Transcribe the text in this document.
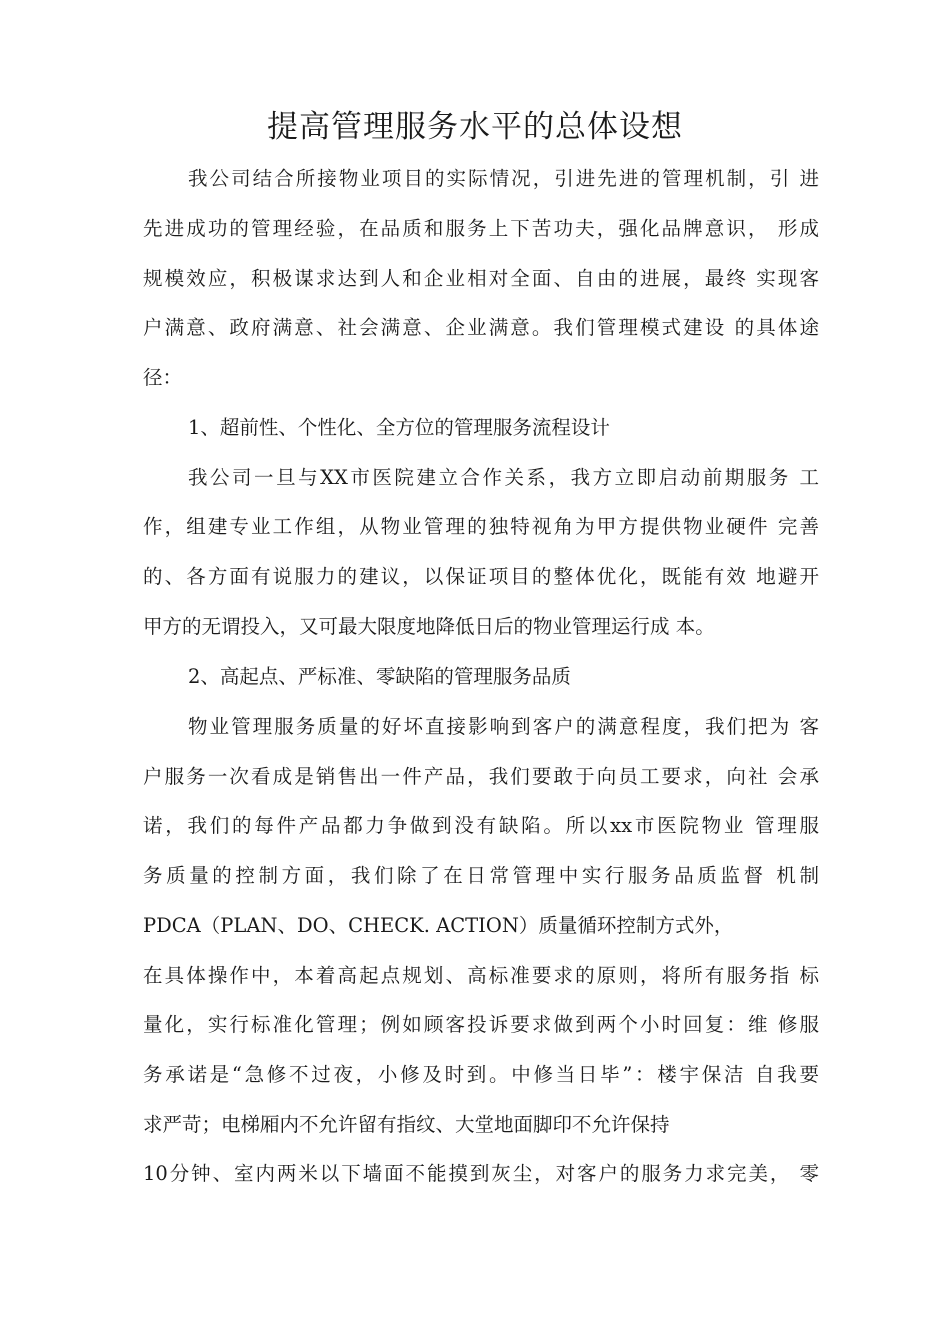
提高管理服务水平的总体设想
我公司结合所接物业项目的实际情况，引进先进的管理机制，引 进
先进成功的管理经验，在品质和服务上下苦功夫，强化品牌意识， 形成
规模效应，积极谋求达到人和企业相对全面、自由的进展，最终 实现客
户满意、政府满意、社会满意、企业满意。我们管理模式建设 的具体途
径：
1、超前性、个性化、全方位的管理服务流程设计
我公司一旦与XX市医院建立合作关系，我方立即启动前期服务 工
作，组建专业工作组，从物业管理的独特视角为甲方提供物业硬件 完善
的、各方面有说服力的建议，以保证项目的整体优化，既能有效 地避开
甲方的无谓投入，又可最大限度地降低日后的物业管理运行成 本。
2、高起点、严标准、零缺陷的管理服务品质
物业管理服务质量的好坏直接影响到客户的满意程度，我们把为 客
户服务一次看成是销售出一件产品，我们要敢于向员工要求，向社 会承
诺，我们的每件产品都力争做到没有缺陷。所以xx市医院物业 管理服
务质量的控制方面，我们除了在日常管理中实行服务品质监督 机制
PDCA（PLAN、DO、CHECK. ACTION）质量循环控制方式外，
在具体操作中，本着高起点规划、高标准要求的原则，将所有服务指 标
量化，实行标准化管理；例如顾客投诉要求做到两个小时回复：维 修服
务承诺是“急修不过夜，小修及时到。中修当日毕”：楼宇保洁 自我要
求严苛；电梯厢内不允许留有指纹、大堂地面脚印不允许保持
10分钟、室内两米以下墙面不能摸到灰尘，对客户的服务力求完美， 零
